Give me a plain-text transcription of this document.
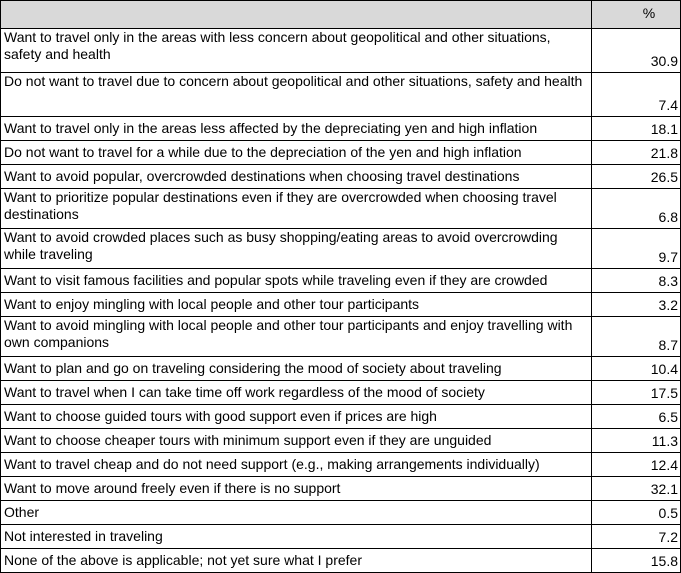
	%
Want to travel only in the areas with less concern about geopolitical and other situations, safety and health	30.9
Do not want to travel due to concern about geopolitical and other situations, safety and health	7.4
Want to travel only in the areas less affected by the depreciating yen and high inflation	18.1
Do not want to travel for a while due to the depreciation of the yen and high inflation	21.8
Want to avoid popular, overcrowded destinations when choosing travel destinations	26.5
Want to prioritize popular destinations even if they are overcrowded when choosing travel destinations	6.8
Want to avoid crowded places such as busy shopping/eating areas to avoid overcrowding while traveling	9.7
Want to visit famous facilities and popular spots while traveling even if they are crowded	8.3
Want to enjoy mingling with local people and other tour participants	3.2
Want to avoid mingling with local people and other tour participants and enjoy travelling with own companions	8.7
Want to plan and go on traveling considering the mood of society about traveling	10.4
Want to travel when I can take time off work regardless of the mood of society	17.5
Want to choose guided tours with good support even if prices are high	6.5
Want to choose cheaper tours with minimum support even if they are unguided	11.3
Want to travel cheap and do not need support (e.g., making arrangements individually)	12.4
Want to move around freely even if there is no support	32.1
Other	0.5
Not interested in traveling	7.2
None of the above is applicable; not yet sure what I prefer	15.8
